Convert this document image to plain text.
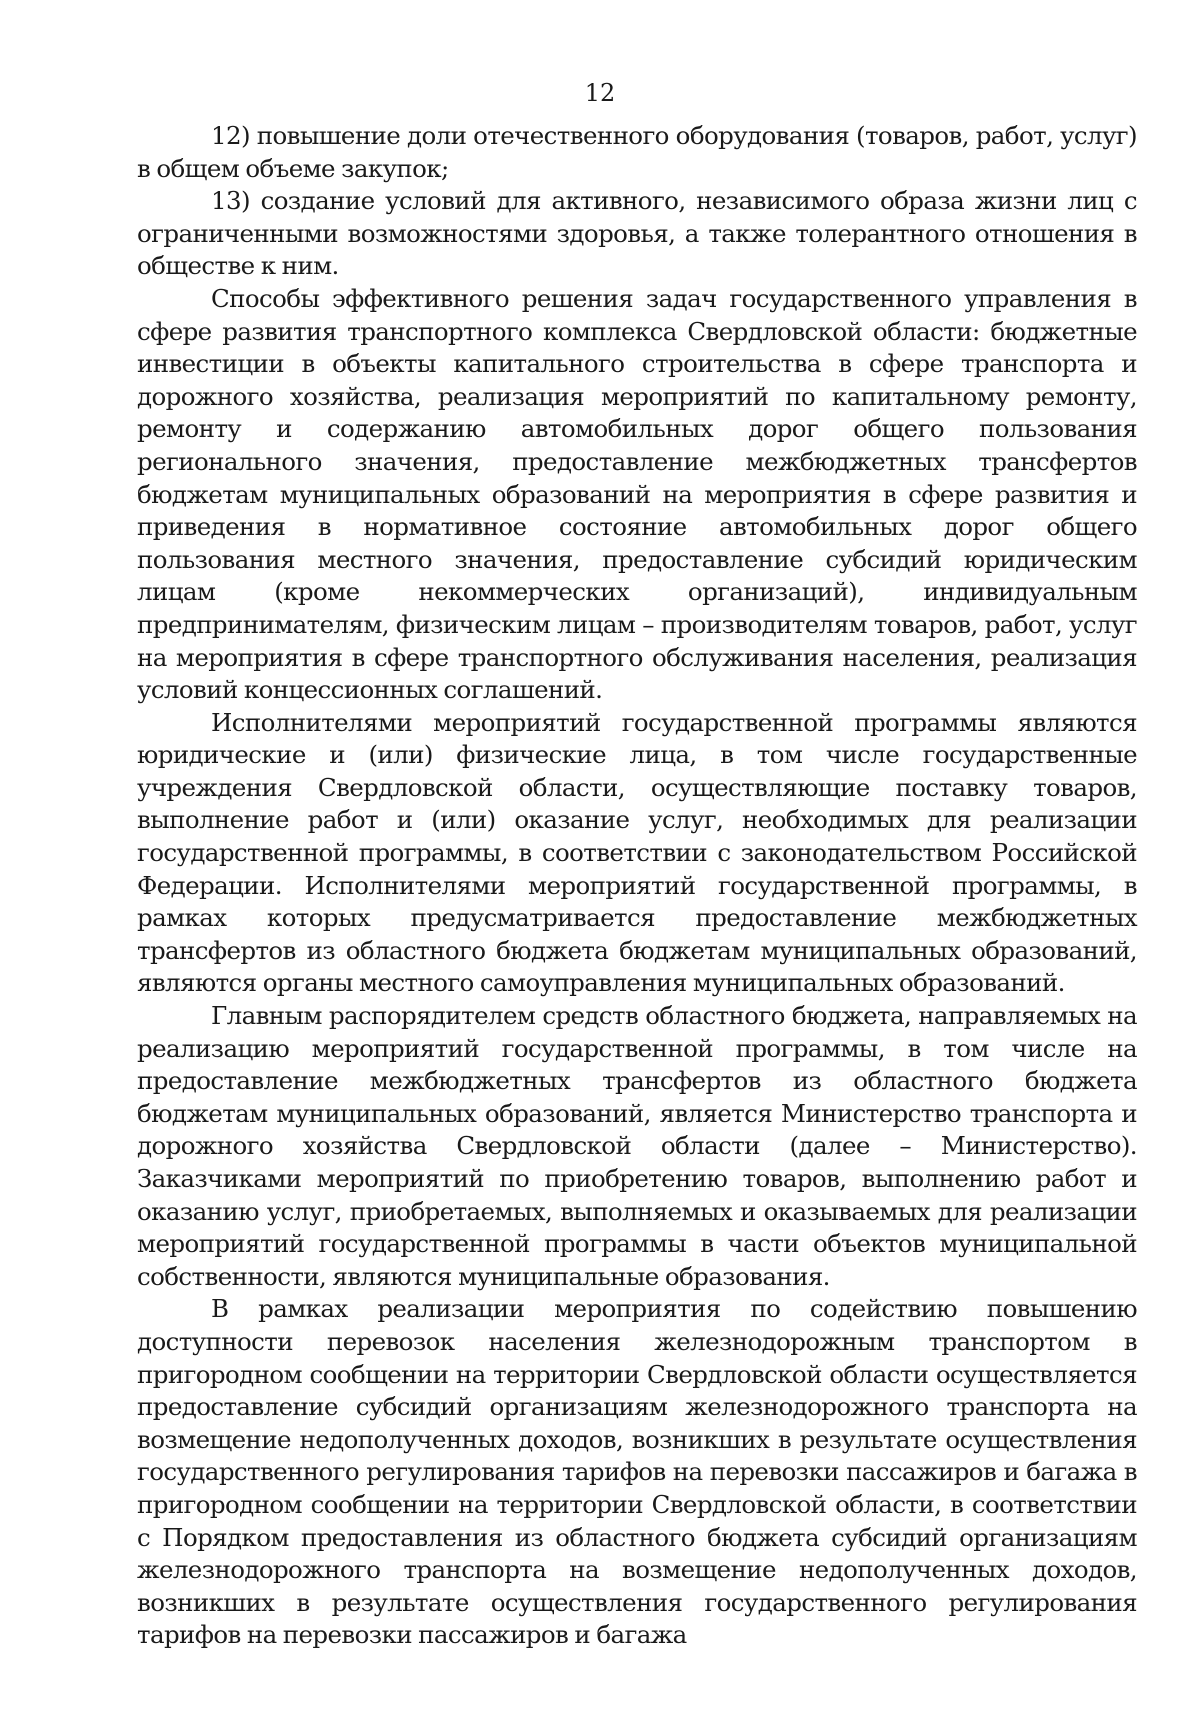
12

12) повышение доли отечественного оборудования (товаров, работ, услуг) в общем объеме закупок;

13) создание условий для активного, независимого образа жизни лиц с ограниченными возможностями здоровья, а также толерантного отношения в обществе к ним.

Способы эффективного решения задач государственного управления в сфере развития транспортного комплекса Свердловской области: бюджетные инвестиции в объекты капитального строительства в сфере транспорта и дорожного хозяйства, реализация мероприятий по капитальному ремонту, ремонту и содержанию автомобильных дорог общего пользования регионального значения, предоставление межбюджетных трансфертов бюджетам муниципальных образований на мероприятия в сфере развития и приведения в нормативное состояние автомобильных дорог общего пользования местного значения, предоставление субсидий юридическим лицам (кроме некоммерческих организаций), индивидуальным предпринимателям, физическим лицам – производителям товаров, работ, услуг на мероприятия в сфере транспортного обслуживания населения, реализация условий концессионных соглашений.

Исполнителями мероприятий государственной программы являются юридические и (или) физические лица, в том числе государственные учреждения Свердловской области, осуществляющие поставку товаров, выполнение работ и (или) оказание услуг, необходимых для реализации государственной программы, в соответствии с законодательством Российской Федерации. Исполнителями мероприятий государственной программы, в рамках которых предусматривается предоставление межбюджетных трансфертов из областного бюджета бюджетам муниципальных образований, являются органы местного самоуправления муниципальных образований.

Главным распорядителем средств областного бюджета, направляемых на реализацию мероприятий государственной программы, в том числе на предоставление межбюджетных трансфертов из областного бюджета бюджетам муниципальных образований, является Министерство транспорта и дорожного хозяйства Свердловской области (далее – Министерство). Заказчиками мероприятий по приобретению товаров, выполнению работ и оказанию услуг, приобретаемых, выполняемых и оказываемых для реализации мероприятий государственной программы в части объектов муниципальной собственности, являются муниципальные образования.

В рамках реализации мероприятия по содействию повышению доступности перевозок населения железнодорожным транспортом в пригородном сообщении на территории Свердловской области осуществляется предоставление субсидий организациям железнодорожного транспорта на возмещение недополученных доходов, возникших в результате осуществления государственного регулирования тарифов на перевозки пассажиров и багажа в пригородном сообщении на территории Свердловской области, в соответствии с Порядком предоставления из областного бюджета субсидий организациям железнодорожного транспорта на возмещение недополученных доходов, возникших в результате осуществления государственного регулирования тарифов на перевозки пассажиров и багажа
